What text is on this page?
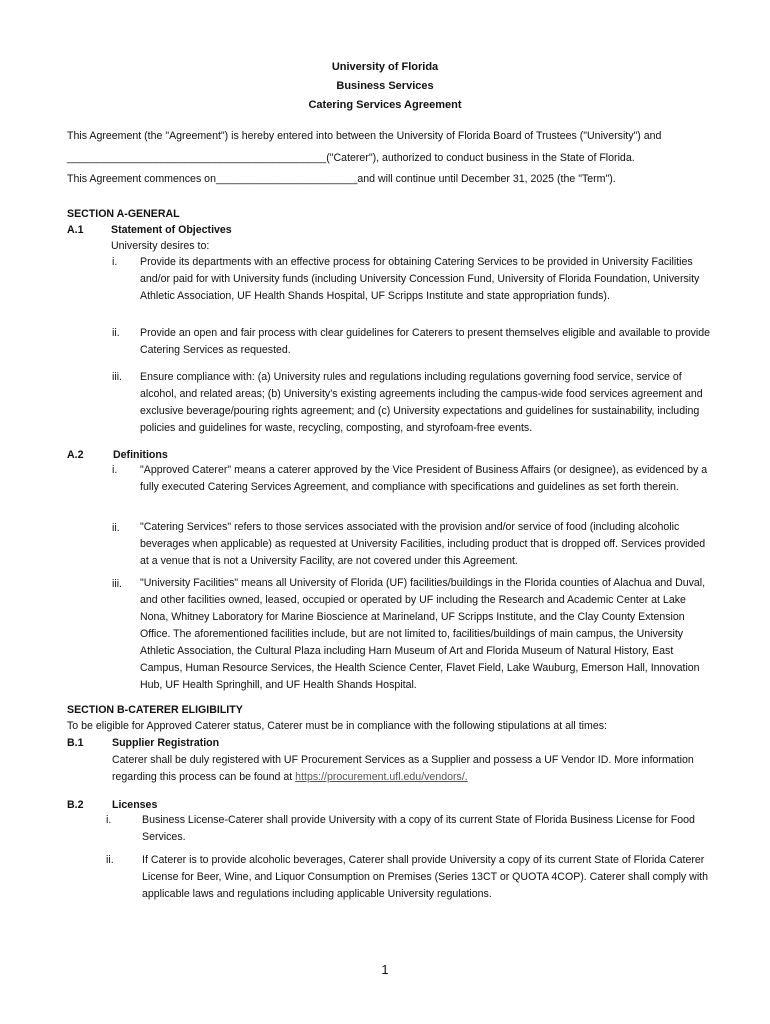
University of Florida
Business Services
Catering Services Agreement
This Agreement (the "Agreement") is hereby entered into between the University of Florida Board of Trustees ("University") and
____________________________________________("Caterer"), authorized to conduct business in the State of Florida.
This Agreement commences on________________________and will continue until December 31, 2025 (the "Term").
SECTION A-GENERAL
A.1	Statement of Objectives
University desires to:
i. Provide its departments with an effective process for obtaining Catering Services to be provided in University Facilities and/or paid for with University funds (including University Concession Fund, University of Florida Foundation, University Athletic Association, UF Health Shands Hospital, UF Scripps Institute and state appropriation funds).
ii. Provide an open and fair process with clear guidelines for Caterers to present themselves eligible and available to provide Catering Services as requested.
iii. Ensure compliance with: (a) University rules and regulations including regulations governing food service, service of alcohol, and related areas; (b) University's existing agreements including the campus-wide food services agreement and exclusive beverage/pouring rights agreement; and (c) University expectations and guidelines for sustainability, including policies and guidelines for waste, recycling, composting, and styrofoam-free events.
A.2	Definitions
i. "Approved Caterer" means a caterer approved by the Vice President of Business Affairs (or designee), as evidenced by a fully executed Catering Services Agreement, and compliance with specifications and guidelines as set forth therein.
ii. "Catering Services" refers to those services associated with the provision and/or service of food (including alcoholic beverages when applicable) as requested at University Facilities, including product that is dropped off. Services provided at a venue that is not a University Facility, are not covered under this Agreement.
iii. "University Facilities" means all University of Florida (UF) facilities/buildings in the Florida counties of Alachua and Duval, and other facilities owned, leased, occupied or operated by UF including the Research and Academic Center at Lake Nona, Whitney Laboratory for Marine Bioscience at Marineland, UF Scripps Institute, and the Clay County Extension Office. The aforementioned facilities include, but are not limited to, facilities/buildings of main campus, the University Athletic Association, the Cultural Plaza including Harn Museum of Art and Florida Museum of Natural History, East Campus, Human Resource Services, the Health Science Center, Flavet Field, Lake Wauburg, Emerson Hall, Innovation Hub, UF Health Springhill, and UF Health Shands Hospital.
SECTION B-CATERER ELIGIBILITY
To be eligible for Approved Caterer status, Caterer must be in compliance with the following stipulations at all times:
B.1	Supplier Registration
Caterer shall be duly registered with UF Procurement Services as a Supplier and possess a UF Vendor ID. More information regarding this process can be found at https://procurement.ufl.edu/vendors/.
B.2	Licenses
i.	Business License-Caterer shall provide University with a copy of its current State of Florida Business License for Food Services.
ii.	If Caterer is to provide alcoholic beverages, Caterer shall provide University a copy of its current State of Florida Caterer License for Beer, Wine, and Liquor Consumption on Premises (Series 13CT or QUOTA 4COP). Caterer shall comply with applicable laws and regulations including applicable University regulations.
1
